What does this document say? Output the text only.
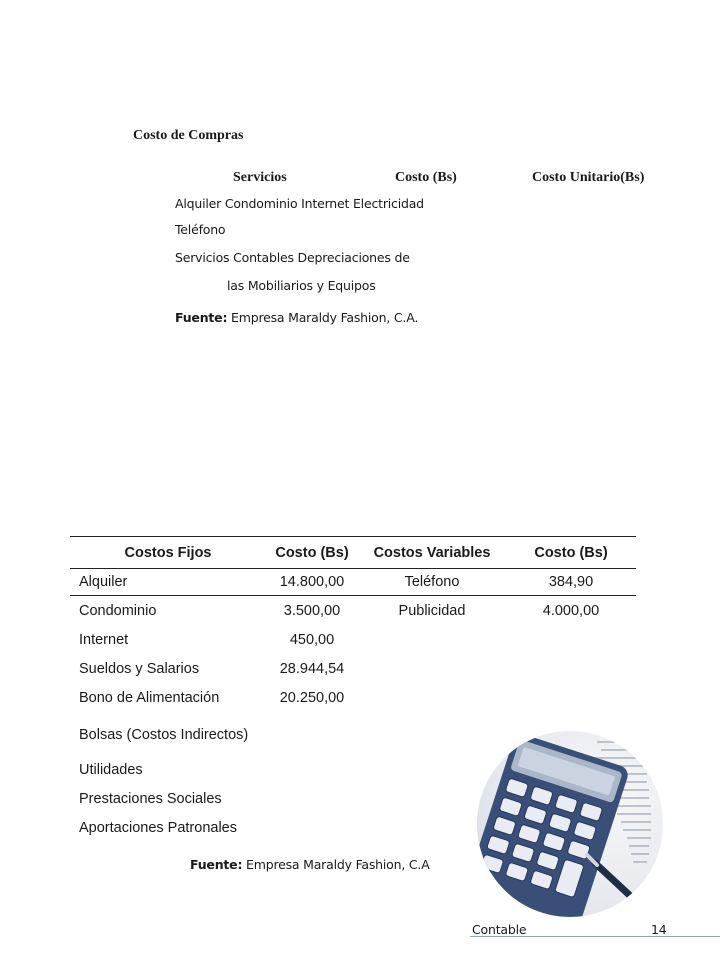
Costo de Compras
Servicios	Costo (Bs)	Costo Unitario(Bs)
Alquiler Condominio Internet Electricidad
Teléfono
Servicios Contables Depreciaciones de
las Mobiliarios y Equipos
Fuente: Empresa Maraldy Fashion, C.A.
Costos Fijos	Costo (Bs)	Costos Variables	Costo (Bs)
Alquiler	14.800,00	Teléfono	384,90
Condominio	3.500,00	Publicidad	4.000,00
Internet	450,00		
Sueldos y Salarios	28.944,54		
Bono de Alimentación	20.250,00		
Bolsas (Costos Indirectos)			
Utilidades			
Prestaciones Sociales			
Aportaciones Patronales			
Fuente: Empresa Maraldy Fashion, C.A
Contable	14
